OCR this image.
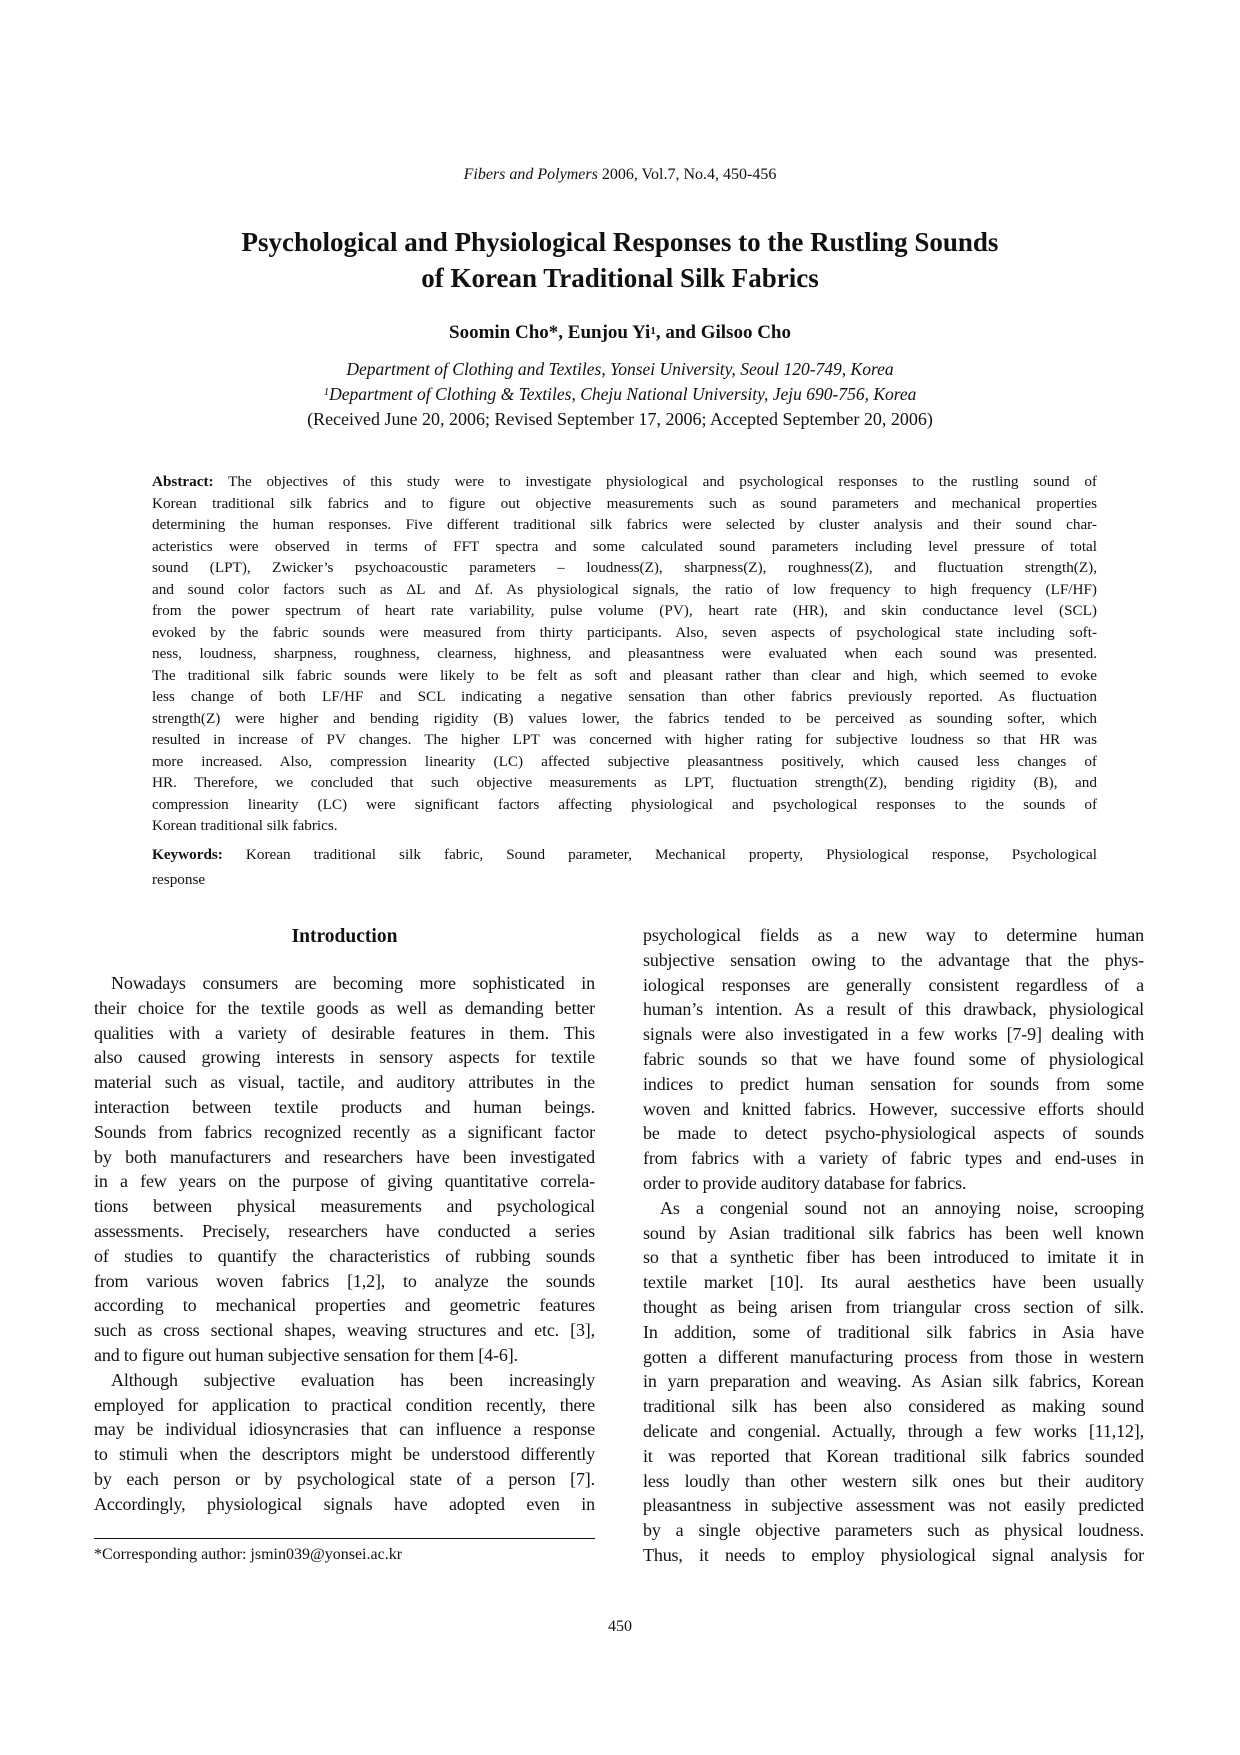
Fibers and Polymers 2006, Vol.7, No.4, 450-456
Psychological and Physiological Responses to the Rustling Sounds
of Korean Traditional Silk Fabrics
Soomin Cho*, Eunjou Yi$^1$, and Gilsoo Cho
Department of Clothing and Textiles, Yonsei University, Seoul 120-749, Korea
$^1$Department of Clothing & Textiles, Cheju National University, Jeju 690-756, Korea
(Received June 20, 2006; Revised September 17, 2006; Accepted September 20, 2006)
Abstract: The objectives of this study were to investigate physiological and psychological responses to the rustling sound of
Korean traditional silk fabrics and to figure out objective measurements such as sound parameters and mechanical properties
determining the human responses. Five different traditional silk fabrics were selected by cluster analysis and their sound char-
acteristics were observed in terms of FFT spectra and some calculated sound parameters including level pressure of total
sound (LPT), Zwicker’s psychoacoustic parameters – loudness(Z), sharpness(Z), roughness(Z), and fluctuation strength(Z),
and sound color factors such as ΔL and Δf. As physiological signals, the ratio of low frequency to high frequency (LF/HF)
from the power spectrum of heart rate variability, pulse volume (PV), heart rate (HR), and skin conductance level (SCL)
evoked by the fabric sounds were measured from thirty participants. Also, seven aspects of psychological state including soft-
ness, loudness, sharpness, roughness, clearness, highness, and pleasantness were evaluated when each sound was presented.
The traditional silk fabric sounds were likely to be felt as soft and pleasant rather than clear and high, which seemed to evoke
less change of both LF/HF and SCL indicating a negative sensation than other fabrics previously reported. As fluctuation
strength(Z) were higher and bending rigidity (B) values lower, the fabrics tended to be perceived as sounding softer, which
resulted in increase of PV changes. The higher LPT was concerned with higher rating for subjective loudness so that HR was
more increased. Also, compression linearity (LC) affected subjective pleasantness positively, which caused less changes of
HR. Therefore, we concluded that such objective measurements as LPT, fluctuation strength(Z), bending rigidity (B), and
compression linearity (LC) were significant factors affecting physiological and psychological responses to the sounds of
Korean traditional silk fabrics.
Keywords: Korean traditional silk fabric, Sound parameter, Mechanical property, Physiological response, Psychological
response
Introduction
Nowadays consumers are becoming more sophisticated in
their choice for the textile goods as well as demanding better
qualities with a variety of desirable features in them. This
also caused growing interests in sensory aspects for textile
material such as visual, tactile, and auditory attributes in the
interaction between textile products and human beings.
Sounds from fabrics recognized recently as a significant factor
by both manufacturers and researchers have been investigated
in a few years on the purpose of giving quantitative correla-
tions between physical measurements and psychological
assessments. Precisely, researchers have conducted a series
of studies to quantify the characteristics of rubbing sounds
from various woven fabrics [1,2], to analyze the sounds
according to mechanical properties and geometric features
such as cross sectional shapes, weaving structures and etc. [3],
and to figure out human subjective sensation for them [4-6].
Although subjective evaluation has been increasingly
employed for application to practical condition recently, there
may be individual idiosyncrasies that can influence a response
to stimuli when the descriptors might be understood differently
by each person or by psychological state of a person [7].
Accordingly, physiological signals have adopted even in
psychological fields as a new way to determine human
subjective sensation owing to the advantage that the phys-
iological responses are generally consistent regardless of a
human’s intention. As a result of this drawback, physiological
signals were also investigated in a few works [7-9] dealing with
fabric sounds so that we have found some of physiological
indices to predict human sensation for sounds from some
woven and knitted fabrics. However, successive efforts should
be made to detect psycho-physiological aspects of sounds
from fabrics with a variety of fabric types and end-uses in
order to provide auditory database for fabrics.
As a congenial sound not an annoying noise, scrooping
sound by Asian traditional silk fabrics has been well known
so that a synthetic fiber has been introduced to imitate it in
textile market [10]. Its aural aesthetics have been usually
thought as being arisen from triangular cross section of silk.
In addition, some of traditional silk fabrics in Asia have
gotten a different manufacturing process from those in western
in yarn preparation and weaving. As Asian silk fabrics, Korean
traditional silk has been also considered as making sound
delicate and congenial. Actually, through a few works [11,12],
it was reported that Korean traditional silk fabrics sounded
less loudly than other western silk ones but their auditory
pleasantness in subjective assessment was not easily predicted
by a single objective parameters such as physical loudness.
Thus, it needs to employ physiological signal analysis for
*Corresponding author: jsmin039@yonsei.ac.kr
450
